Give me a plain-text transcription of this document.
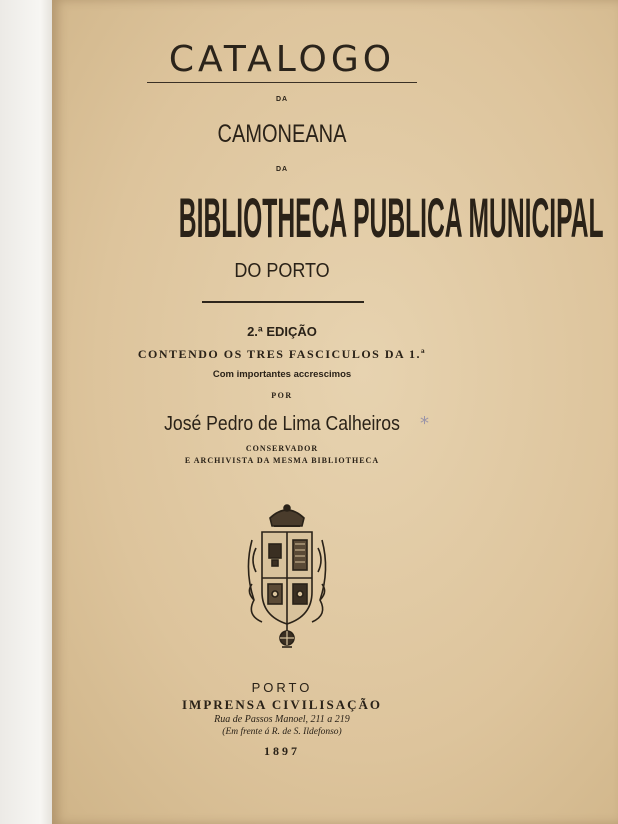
CATALOGO
DA
CAMONEANA
DA
BIBLIOTHECA PUBLICA MUNICIPAL
DO PORTO
2.ª EDIÇÃO
CONTENDO OS TRES FASCICULOS DA 1.ª
Com importantes accrescimos
POR
José Pedro de Lima Calheiros	*
CONSERVADOR
E ARCHIVISTA DA MESMA BIBLIOTHECA
PORTO
IMPRENSA CIVILISAÇÃO
Rua de Passos Manoel, 211 a 219
(Em frente á R. de S. Ildefonso)
1897
